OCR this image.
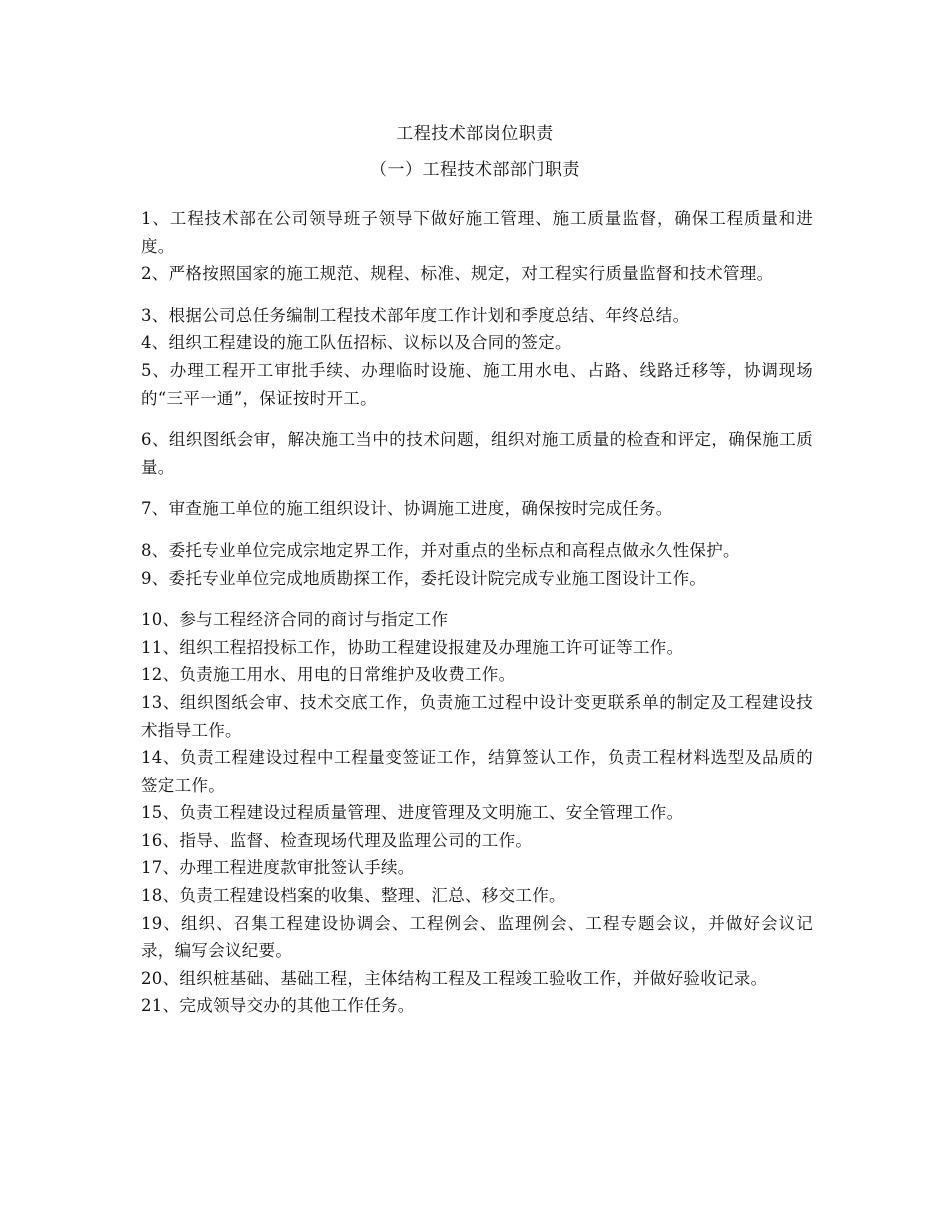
工程技术部岗位职责
（一）工程技术部部门职责

1、工程技术部在公司领导班子领导下做好施工管理、施工质量监督，确保工程质量和进度。

2、严格按照国家的施工规范、规程、标准、规定，对工程实行质量监督和技术管理。

3、根据公司总任务编制工程技术部年度工作计划和季度总结、年终总结。

4、组织工程建设的施工队伍招标、议标以及合同的签定。

5、办理工程开工审批手续、办理临时设施、施工用水电、占路、线路迁移等，协调现场的“三平一通”，保证按时开工。

6、组织图纸会审，解决施工当中的技术问题，组织对施工质量的检查和评定，确保施工质量。

7、审查施工单位的施工组织设计、协调施工进度，确保按时完成任务。

8、委托专业单位完成宗地定界工作，并对重点的坐标点和高程点做永久性保护。

9、委托专业单位完成地质勘探工作，委托设计院完成专业施工图设计工作。

10、参与工程经济合同的商讨与指定工作

11、组织工程招投标工作，协助工程建设报建及办理施工许可证等工作。

12、负责施工用水、用电的日常维护及收费工作。

13、组织图纸会审、技术交底工作，负责施工过程中设计变更联系单的制定及工程建设技术指导工作。

14、负责工程建设过程中工程量变签证工作，结算签认工作，负责工程材料选型及品质的签定工作。

15、负责工程建设过程质量管理、进度管理及文明施工、安全管理工作。

16、指导、监督、检查现场代理及监理公司的工作。

17、办理工程进度款审批签认手续。

18、负责工程建设档案的收集、整理、汇总、移交工作。

19、组织、召集工程建设协调会、工程例会、监理例会、工程专题会议，并做好会议记录，编写会议纪要。

20、组织桩基础、基础工程，主体结构工程及工程竣工验收工作，并做好验收记录。

21、完成领导交办的其他工作任务。
